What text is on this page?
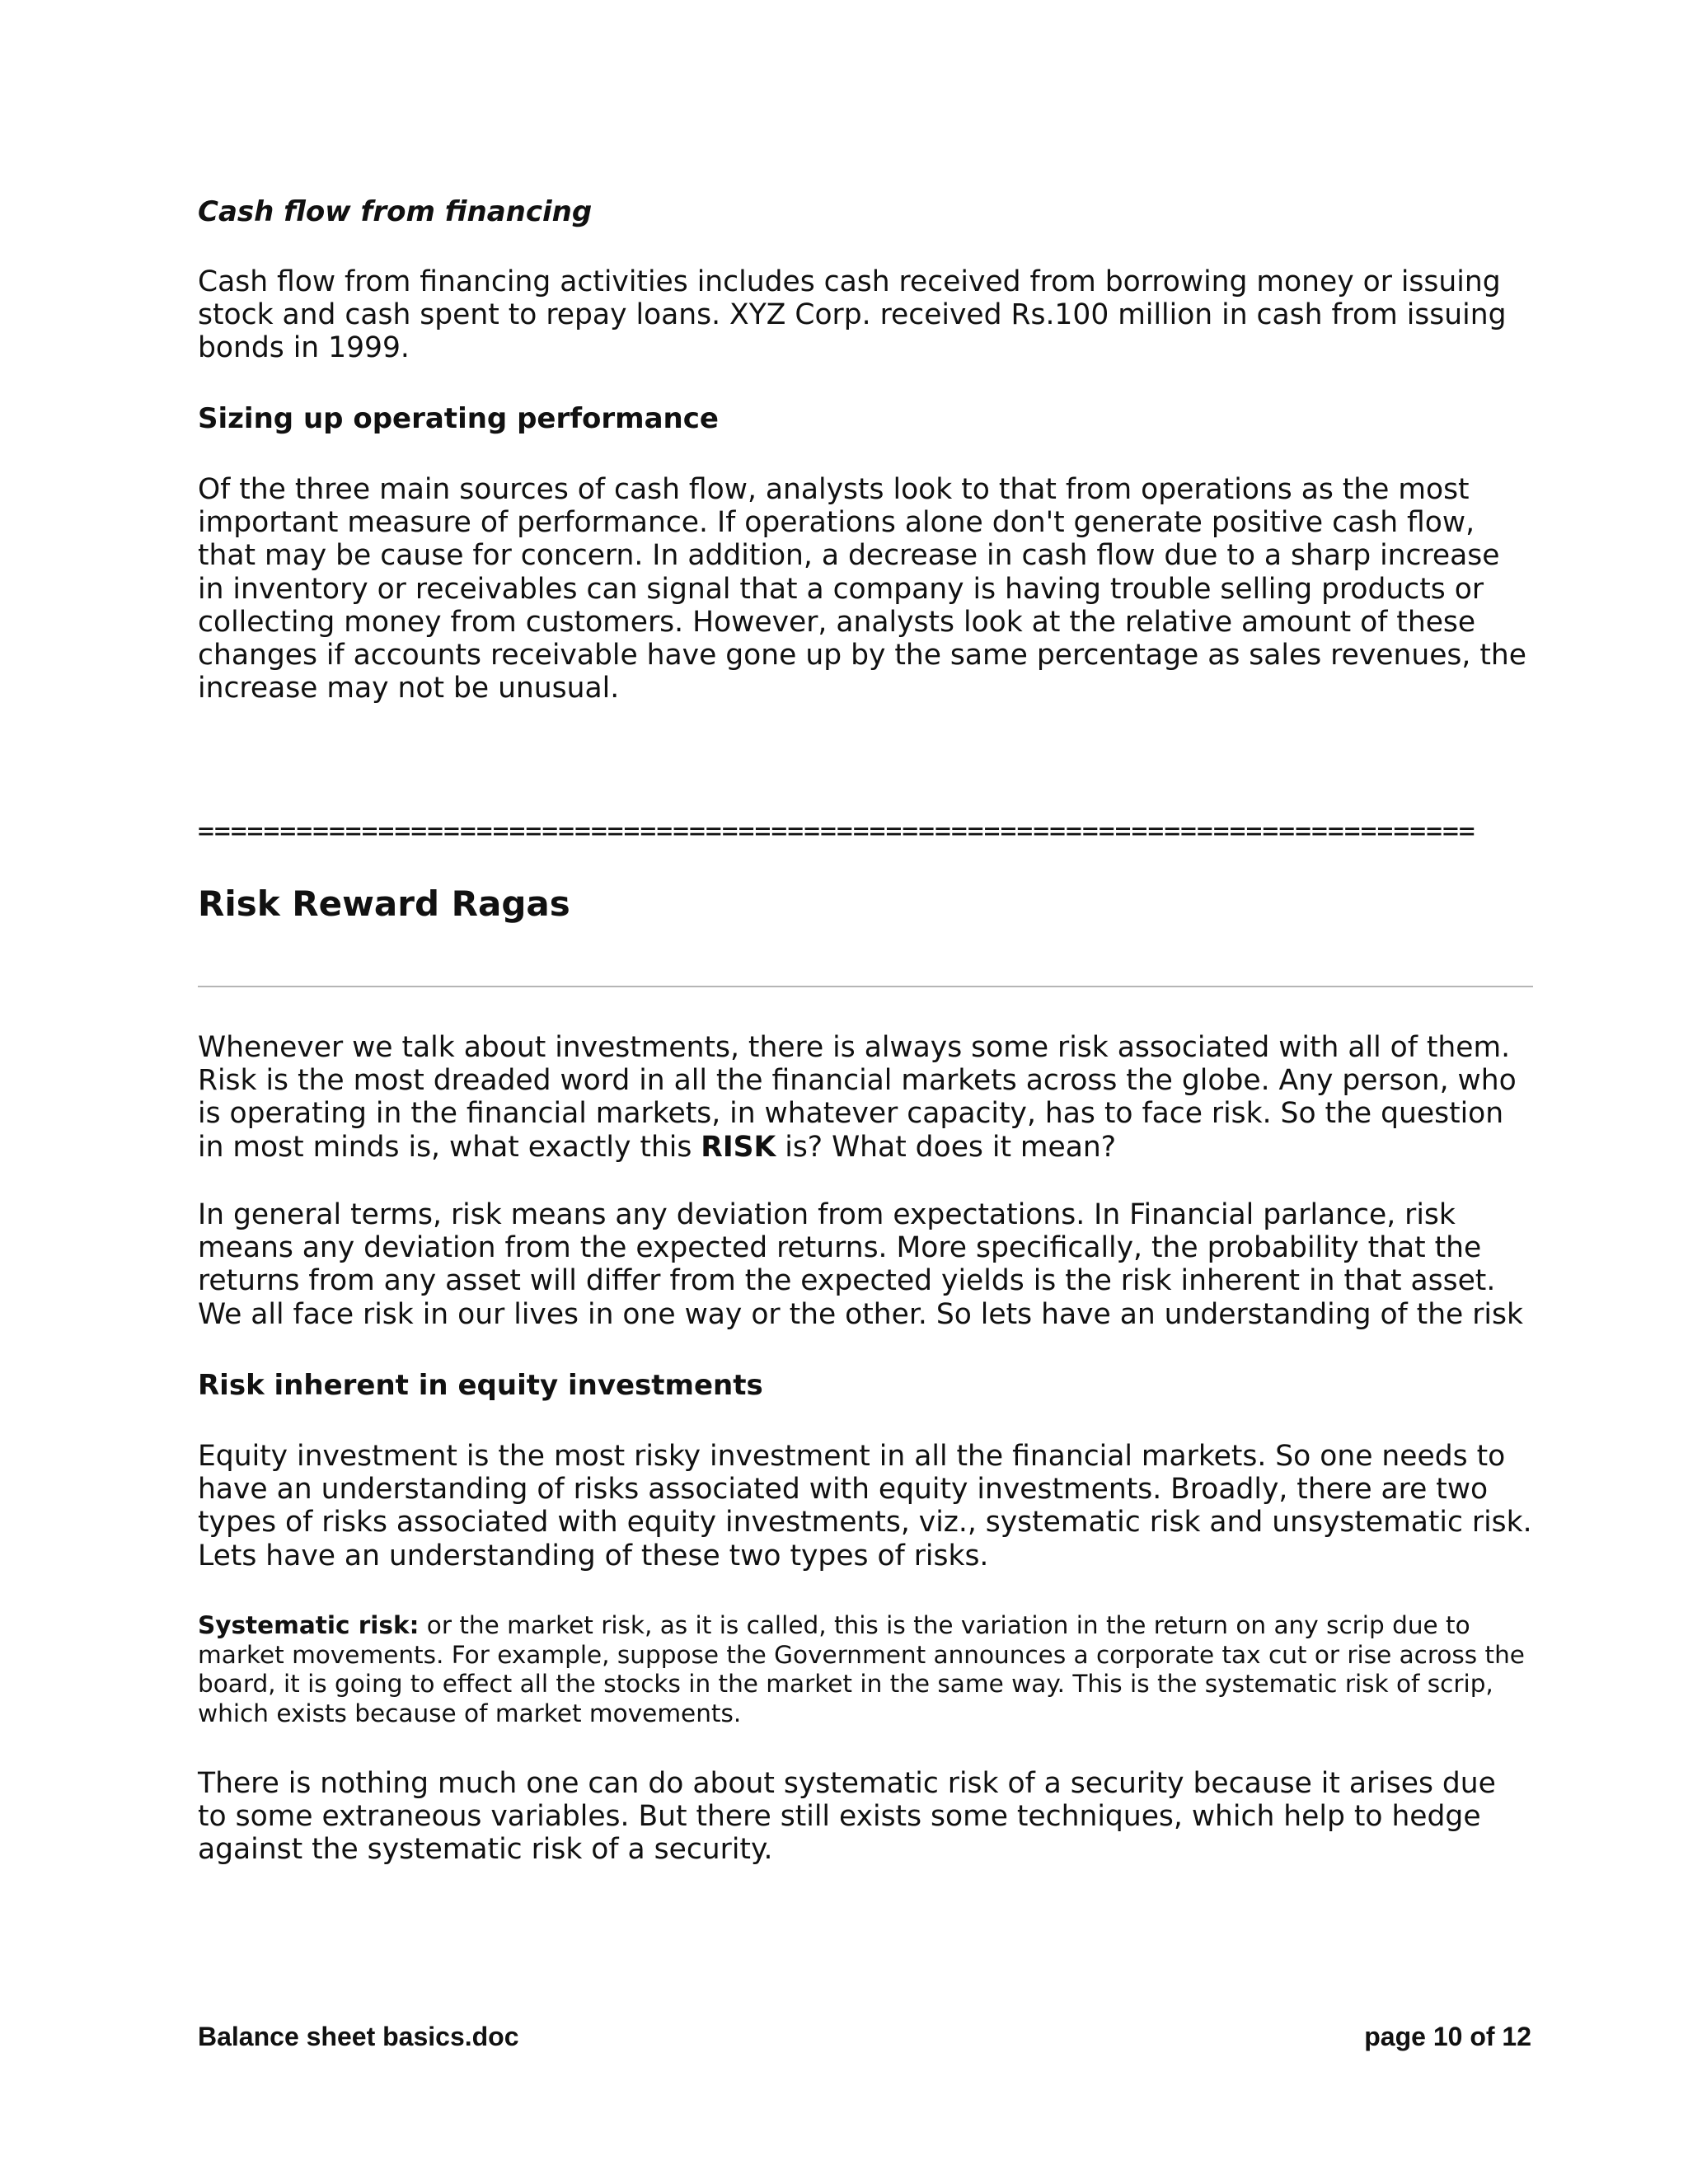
Cash flow from financing

Cash flow from financing activities includes cash received from borrowing money or issuing stock and cash spent to repay loans. XYZ Corp. received Rs.100 million in cash from issuing bonds in 1999.

Sizing up operating performance

Of the three main sources of cash flow, analysts look to that from operations as the most important measure of performance. If operations alone don't generate positive cash flow, that may be cause for concern. In addition, a decrease in cash flow due to a sharp increase in inventory or receivables can signal that a company is having trouble selling products or collecting money from customers. However, analysts look at the relative amount of these changes if accounts receivable have gone up by the same percentage as sales revenues, the increase may not be unusual.

==============================================================================
Risk Reward Ragas

Whenever we talk about investments, there is always some risk associated with all of them. Risk is the most dreaded word in all the financial markets across the globe. Any person, who is operating in the financial markets, in whatever capacity, has to face risk. So the question in most minds is, what exactly this RISK is? What does it mean?

In general terms, risk means any deviation from expectations. In Financial parlance, risk means any deviation from the expected returns. More specifically, the probability that the returns from any asset will differ from the expected yields is the risk inherent in that asset. We all face risk in our lives in one way or the other. So lets have an understanding of the risk

Risk inherent in equity investments

Equity investment is the most risky investment in all the financial markets. So one needs to have an understanding of risks associated with equity investments. Broadly, there are two types of risks associated with equity investments, viz., systematic risk and unsystematic risk. Lets have an understanding of these two types of risks.

Systematic risk: or the market risk, as it is called, this is the variation in the return on any scrip due to market movements. For example, suppose the Government announces a corporate tax cut or rise across the board, it is going to effect all the stocks in the market in the same way. This is the systematic risk of scrip, which exists because of market movements.

There is nothing much one can do about systematic risk of a security because it arises due to some extraneous variables. But there still exists some techniques, which help to hedge against the systematic risk of a security.

Balance sheet basics.doc	page 10 of 12
